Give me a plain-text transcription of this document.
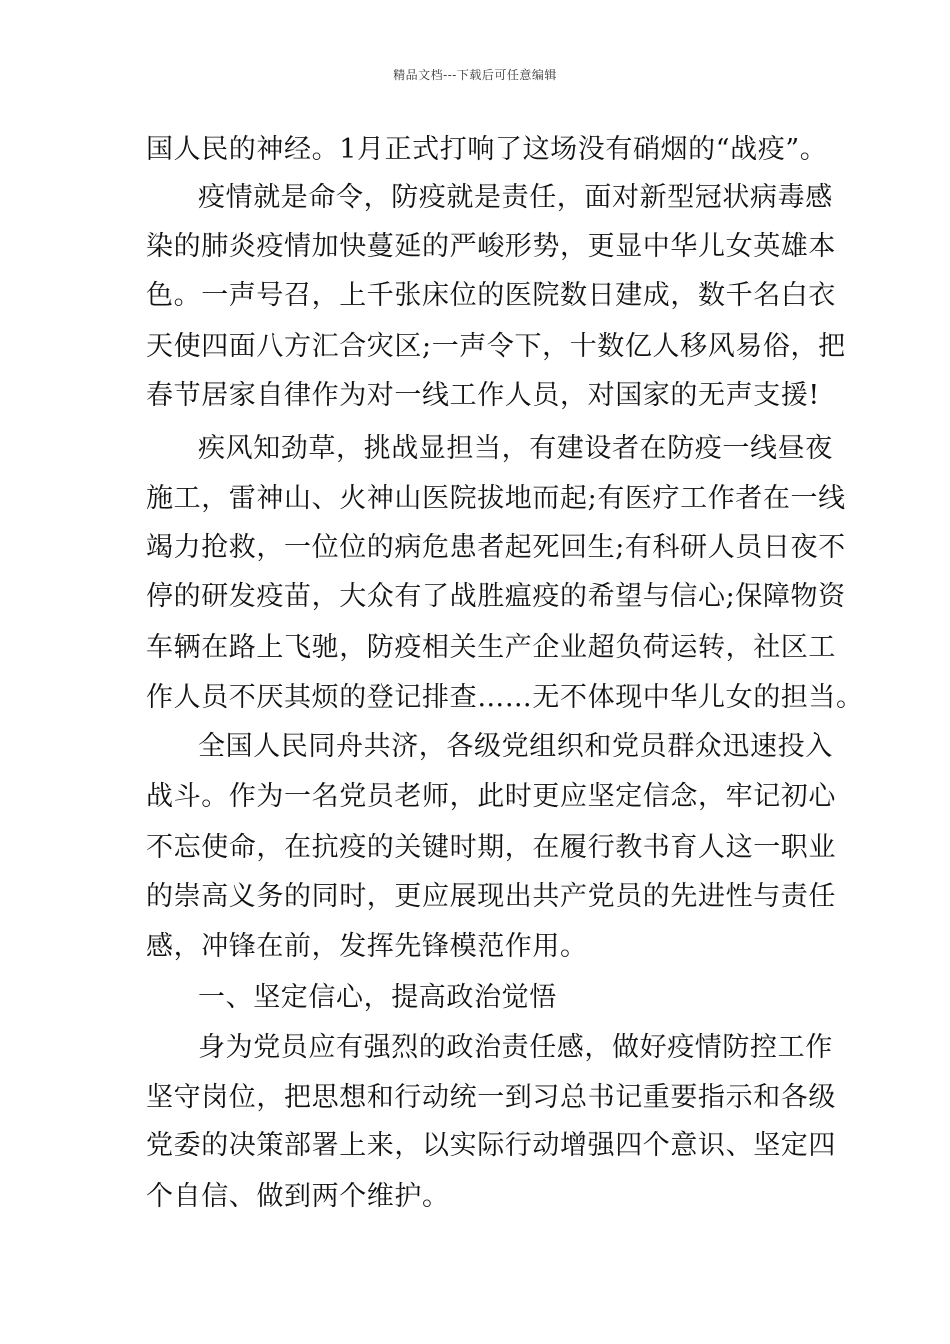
精品文档---下载后可任意编辑
国人民的神经。1月正式打响了这场没有硝烟的“战疫”。
疫情就是命令，防疫就是责任，面对新型冠状病毒感
染的肺炎疫情加快蔓延的严峻形势，更显中华儿女英雄本
色。一声号召，上千张床位的医院数日建成，数千名白衣
天使四面八方汇合灾区;一声令下，十数亿人移风易俗，把
春节居家自律作为对一线工作人员，对国家的无声支援!
疾风知劲草，挑战显担当，有建设者在防疫一线昼夜
施工，雷神山、火神山医院拔地而起;有医疗工作者在一线
竭力抢救，一位位的病危患者起死回生;有科研人员日夜不
停的研发疫苗，大众有了战胜瘟疫的希望与信心;保障物资
车辆在路上飞驰，防疫相关生产企业超负荷运转，社区工
作人员不厌其烦的登记排查……无不体现中华儿女的担当。
全国人民同舟共济，各级党组织和党员群众迅速投入
战斗。作为一名党员老师，此时更应坚定信念，牢记初心
不忘使命，在抗疫的关键时期，在履行教书育人这一职业
的崇高义务的同时，更应展现出共产党员的先进性与责任
感，冲锋在前，发挥先锋模范作用。
一、坚定信心，提高政治觉悟
身为党员应有强烈的政治责任感，做好疫情防控工作
坚守岗位，把思想和行动统一到习总书记重要指示和各级
党委的决策部署上来，以实际行动增强四个意识、坚定四
个自信、做到两个维护。
